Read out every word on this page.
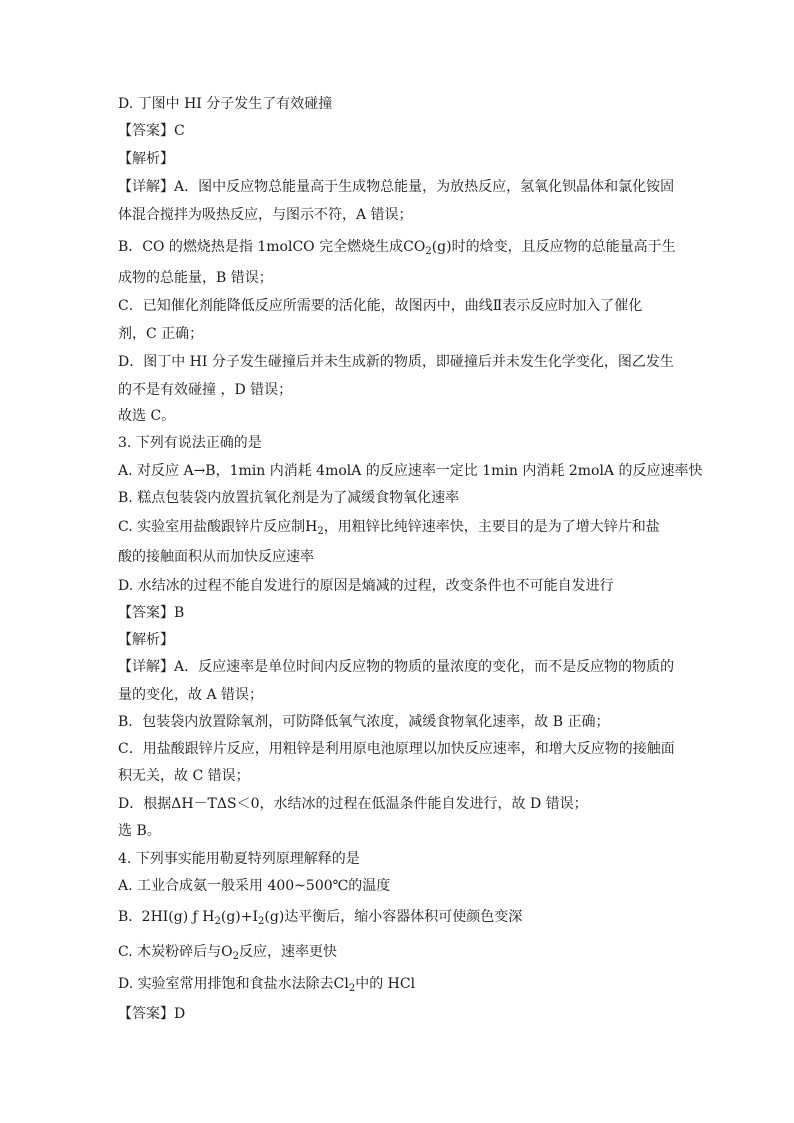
D. 丁图中 HI 分子发生了有效碰撞
【答案】C
【解析】
【详解】A．图中反应物总能量高于生成物总能量，为放热反应，氢氧化钡晶体和氯化铵固
体混合搅拌为吸热反应，与图示不符，A 错误；
B．CO 的燃烧热是指 1molCO 完全燃烧生成$CO_2(g)$时的焓变，且反应物的总能量高于生
成物的总能量，B 错误；
C．已知催化剂能降低反应所需要的活化能，故图丙中，曲线Ⅱ表示反应时加入了催化
剂，C 正确；
D．图丁中 HI 分子发生碰撞后并未生成新的物质，即碰撞后并未发生化学变化，图乙发生
的不是有效碰撞 ，D 错误；
故选 C。
3. 下列有说法正确的是
A. 对反应 A→B，1min 内消耗 4molA 的反应速率一定比 1min 内消耗 2molA 的反应速率快
B. 糕点包装袋内放置抗氧化剂是为了减缓食物氧化速率
C. 实验室用盐酸跟锌片反应制$H_2$，用粗锌比纯锌速率快，主要目的是为了增大锌片和盐
酸的接触面积从而加快反应速率
D. 水结冰的过程不能自发进行的原因是熵减的过程，改变条件也不可能自发进行
【答案】B
【解析】
【详解】A．反应速率是单位时间内反应物的物质的量浓度的变化，而不是反应物的物质的
量的变化，故 A 错误；
B．包装袋内放置除氧剂，可防降低氧气浓度，减缓食物氧化速率，故 B 正确；
C．用盐酸跟锌片反应，用粗锌是利用原电池原理以加快反应速率，和增大反应物的接触面
积无关，故 C 错误；
D．根据ΔH－TΔS＜0，水结冰的过程在低温条件能自发进行，故 D 错误；
选 B。
4. 下列事实能用勒夏特列原理解释的是
A. 工业合成氨一般采用 400~500℃的温度
B. 2HI(g) ƒ $H_2(g)+I_2(g)$达平衡后，缩小容器体积可使颜色变深
C. 木炭粉碎后与$O_2$反应，速率更快
D. 实验室常用排饱和食盐水法除去$Cl_2$中的 HCl
【答案】D
